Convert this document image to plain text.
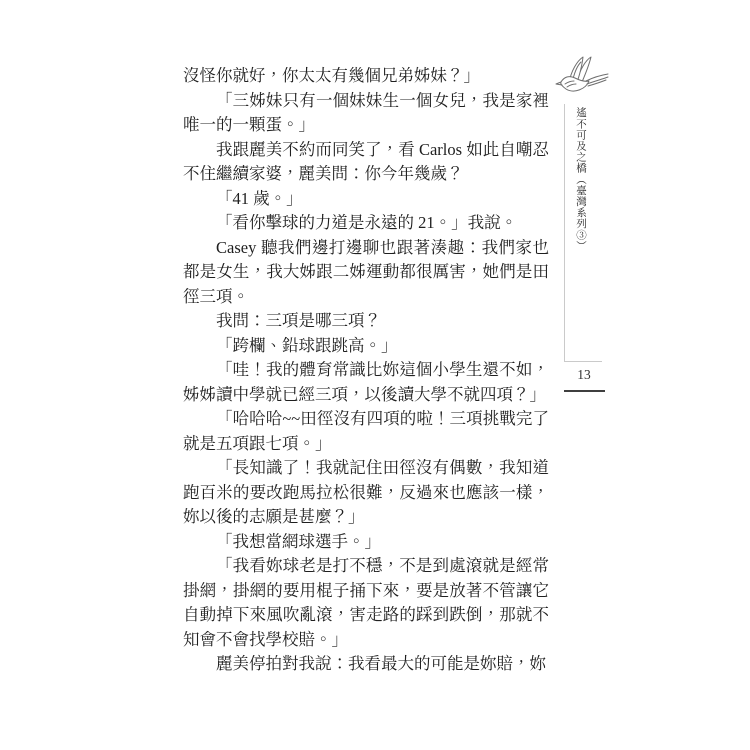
沒怪你就好，你太太有幾個兄弟姊妹？」

「三姊妹只有一個妹妹生一個女兒，我是家裡唯一的一顆蛋。」

我跟麗美不約而同笑了，看 Carlos 如此自嘲忍不住繼續家婆，麗美問：你今年幾歲？

「41 歲。」

「看你擊球的力道是永遠的 21。」我說。

Casey 聽我們邊打邊聊也跟著湊趣：我們家也都是女生，我大姊跟二姊運動都很厲害，她們是田徑三項。

我問：三項是哪三項？

「跨欄、鉛球跟跳高。」

「哇！我的體育常識比妳這個小學生還不如，姊姊讀中學就已經三項，以後讀大學不就四項？」

「哈哈哈~~田徑沒有四項的啦！三項挑戰完了就是五項跟七項。」

「長知識了！我就記住田徑沒有偶數，我知道跑百米的要改跑馬拉松很難，反過來也應該一樣，妳以後的志願是甚麼？」

「我想當網球選手。」

「我看妳球老是打不穩，不是到處滾就是經常掛網，掛網的要用棍子捅下來，要是放著不管讓它自動掉下來風吹亂滾，害走路的踩到跌倒，那就不知會不會找學校賠。」

麗美停拍對我說：我看最大的可能是妳賠，妳

遙不可及之橋（臺灣系列③）
13
